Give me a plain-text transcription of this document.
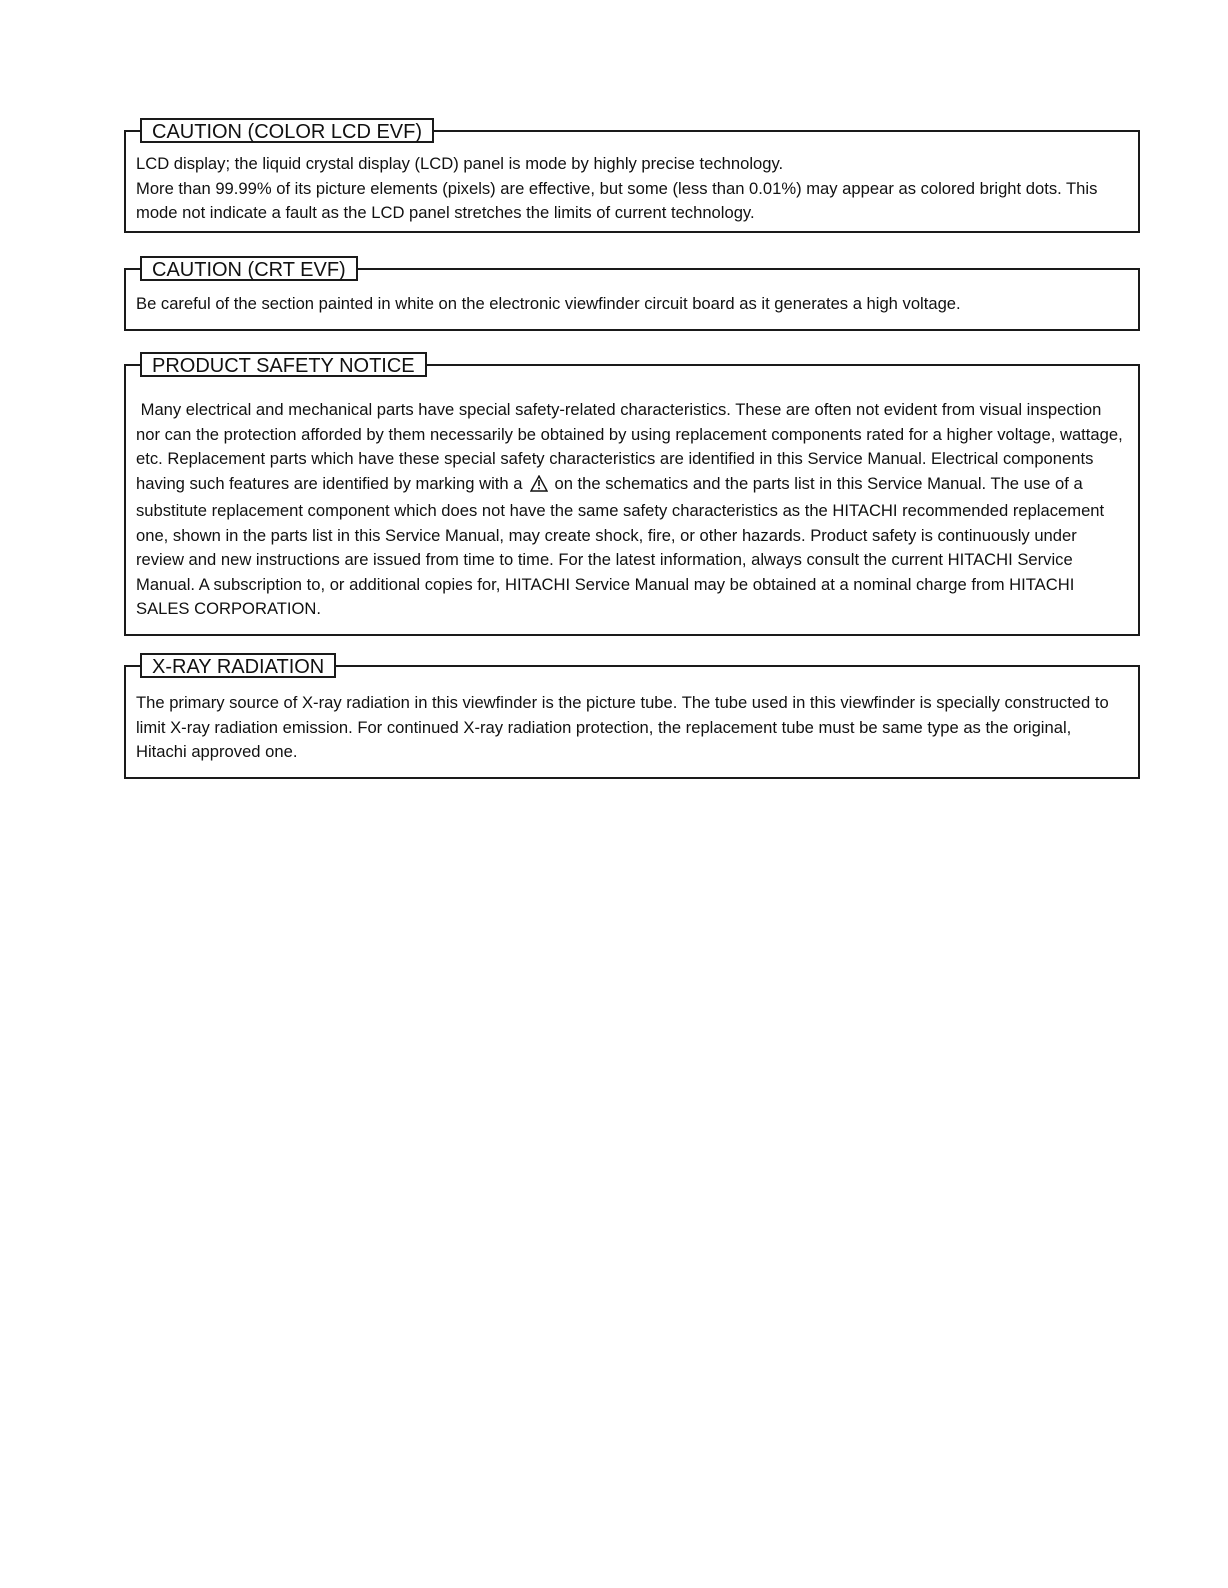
CAUTION (COLOR LCD EVF)

LCD display; the liquid crystal display (LCD) panel is mode by highly precise technology.

More than 99.99% of its picture elements (pixels) are effective, but some (less than 0.01%) may appear as colored bright dots. This mode not indicate a fault as the LCD panel stretches the limits of current technology.

CAUTION (CRT EVF)

Be careful of the section painted in white on the electronic viewfinder circuit board as it generates a high voltage.

PRODUCT SAFETY NOTICE

Many electrical and mechanical parts have special safety-related characteristics. These are often not evident from visual inspection nor can the protection afforded by them necessarily be obtained by using replacement components rated for a higher voltage, wattage, etc. Replacement parts which have these special safety characteristics are identified in this Service Manual. Electrical components having such features are identified by marking with a on the schematics and the parts list in this Service Manual. The use of a substitute replacement component which does not have the same safety characteristics as the HITACHI recommended replacement one, shown in the parts list in this Service Manual, may create shock, fire, or other hazards. Product safety is continuously under review and new instructions are issued from time to time. For the latest information, always consult the current HITACHI Service Manual. A subscription to, or additional copies for, HITACHI Service Manual may be obtained at a nominal charge from HITACHI SALES CORPORATION.

X-RAY RADIATION

The primary source of X-ray radiation in this viewfinder is the picture tube. The tube used in this viewfinder is specially constructed to limit X-ray radiation emission. For continued X-ray radiation protection, the replacement tube must be same type as the original, Hitachi approved one.
